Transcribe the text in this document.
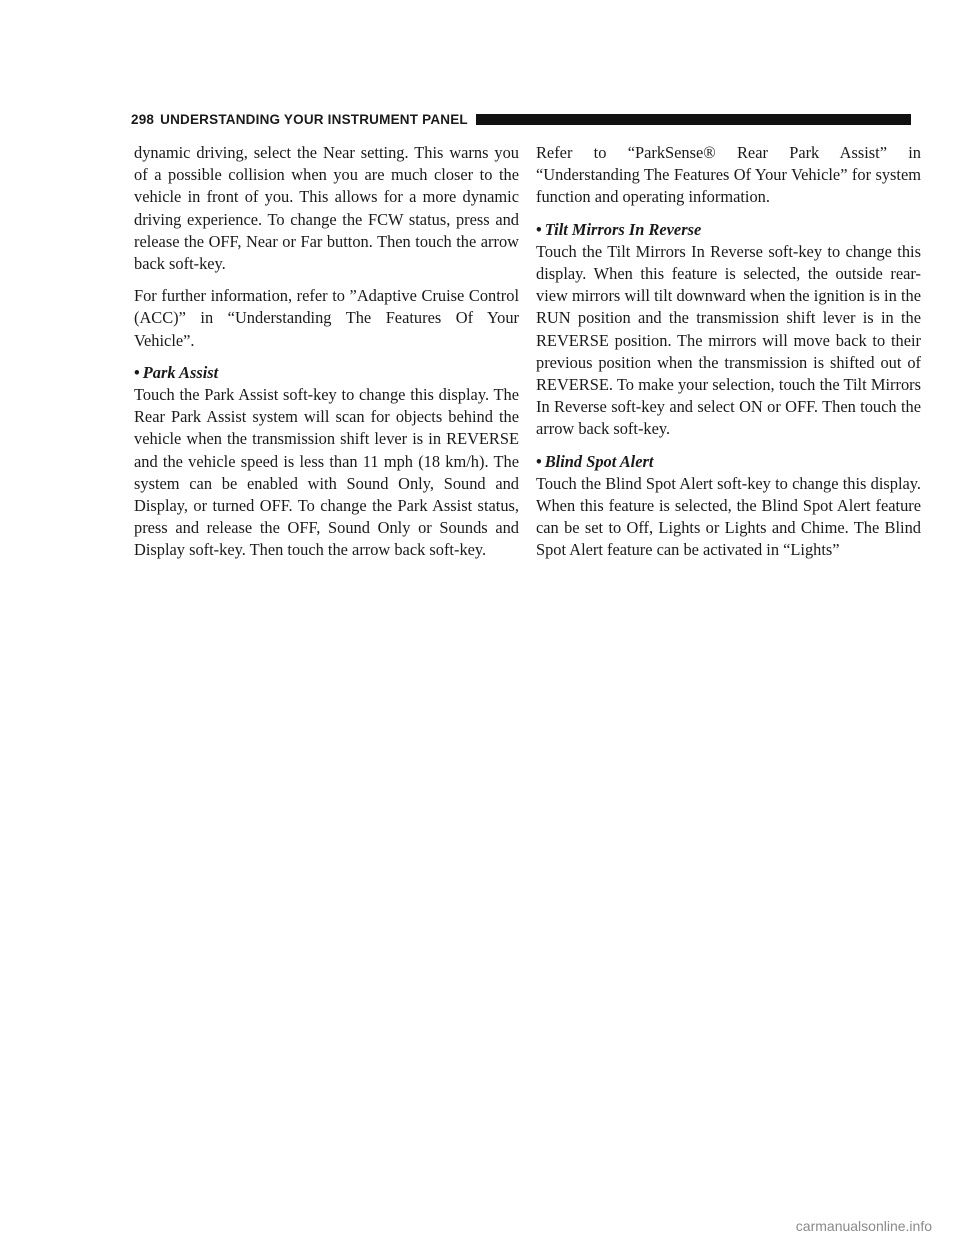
298 UNDERSTANDING YOUR INSTRUMENT PANEL

dynamic driving, select the Near setting. This warns you of a possible collision when you are much closer to the vehicle in front of you. This allows for a more dynamic driving experience. To change the FCW status, press and release the OFF, Near or Far button. Then touch the arrow back soft-key.

For further information, refer to ”Adaptive Cruise Control (ACC)” in “Understanding The Features Of Your Vehicle”.

• Park Assist

Touch the Park Assist soft-key to change this display. The Rear Park Assist system will scan for objects behind the vehicle when the transmission shift lever is in REVERSE and the vehicle speed is less than 11 mph (18 km/h). The system can be enabled with Sound Only, Sound and Display, or turned OFF. To change the Park Assist status, press and release the OFF, Sound Only or Sounds and Display soft-key. Then touch the arrow back soft-key.

Refer to “ParkSense® Rear Park Assist” in “Understanding The Features Of Your Vehicle” for system function and operating information.

• Tilt Mirrors In Reverse

Touch the Tilt Mirrors In Reverse soft-key to change this display. When this feature is selected, the outside rear-view mirrors will tilt downward when the ignition is in the RUN position and the transmission shift lever is in the REVERSE position. The mirrors will move back to their previous position when the transmission is shifted out of REVERSE. To make your selection, touch the Tilt Mirrors In Reverse soft-key and select ON or OFF. Then touch the arrow back soft-key.

• Blind Spot Alert

Touch the Blind Spot Alert soft-key to change this display. When this feature is selected, the Blind Spot Alert feature can be set to Off, Lights or Lights and Chime. The Blind Spot Alert feature can be activated in “Lights”

carmanualsonline.info
